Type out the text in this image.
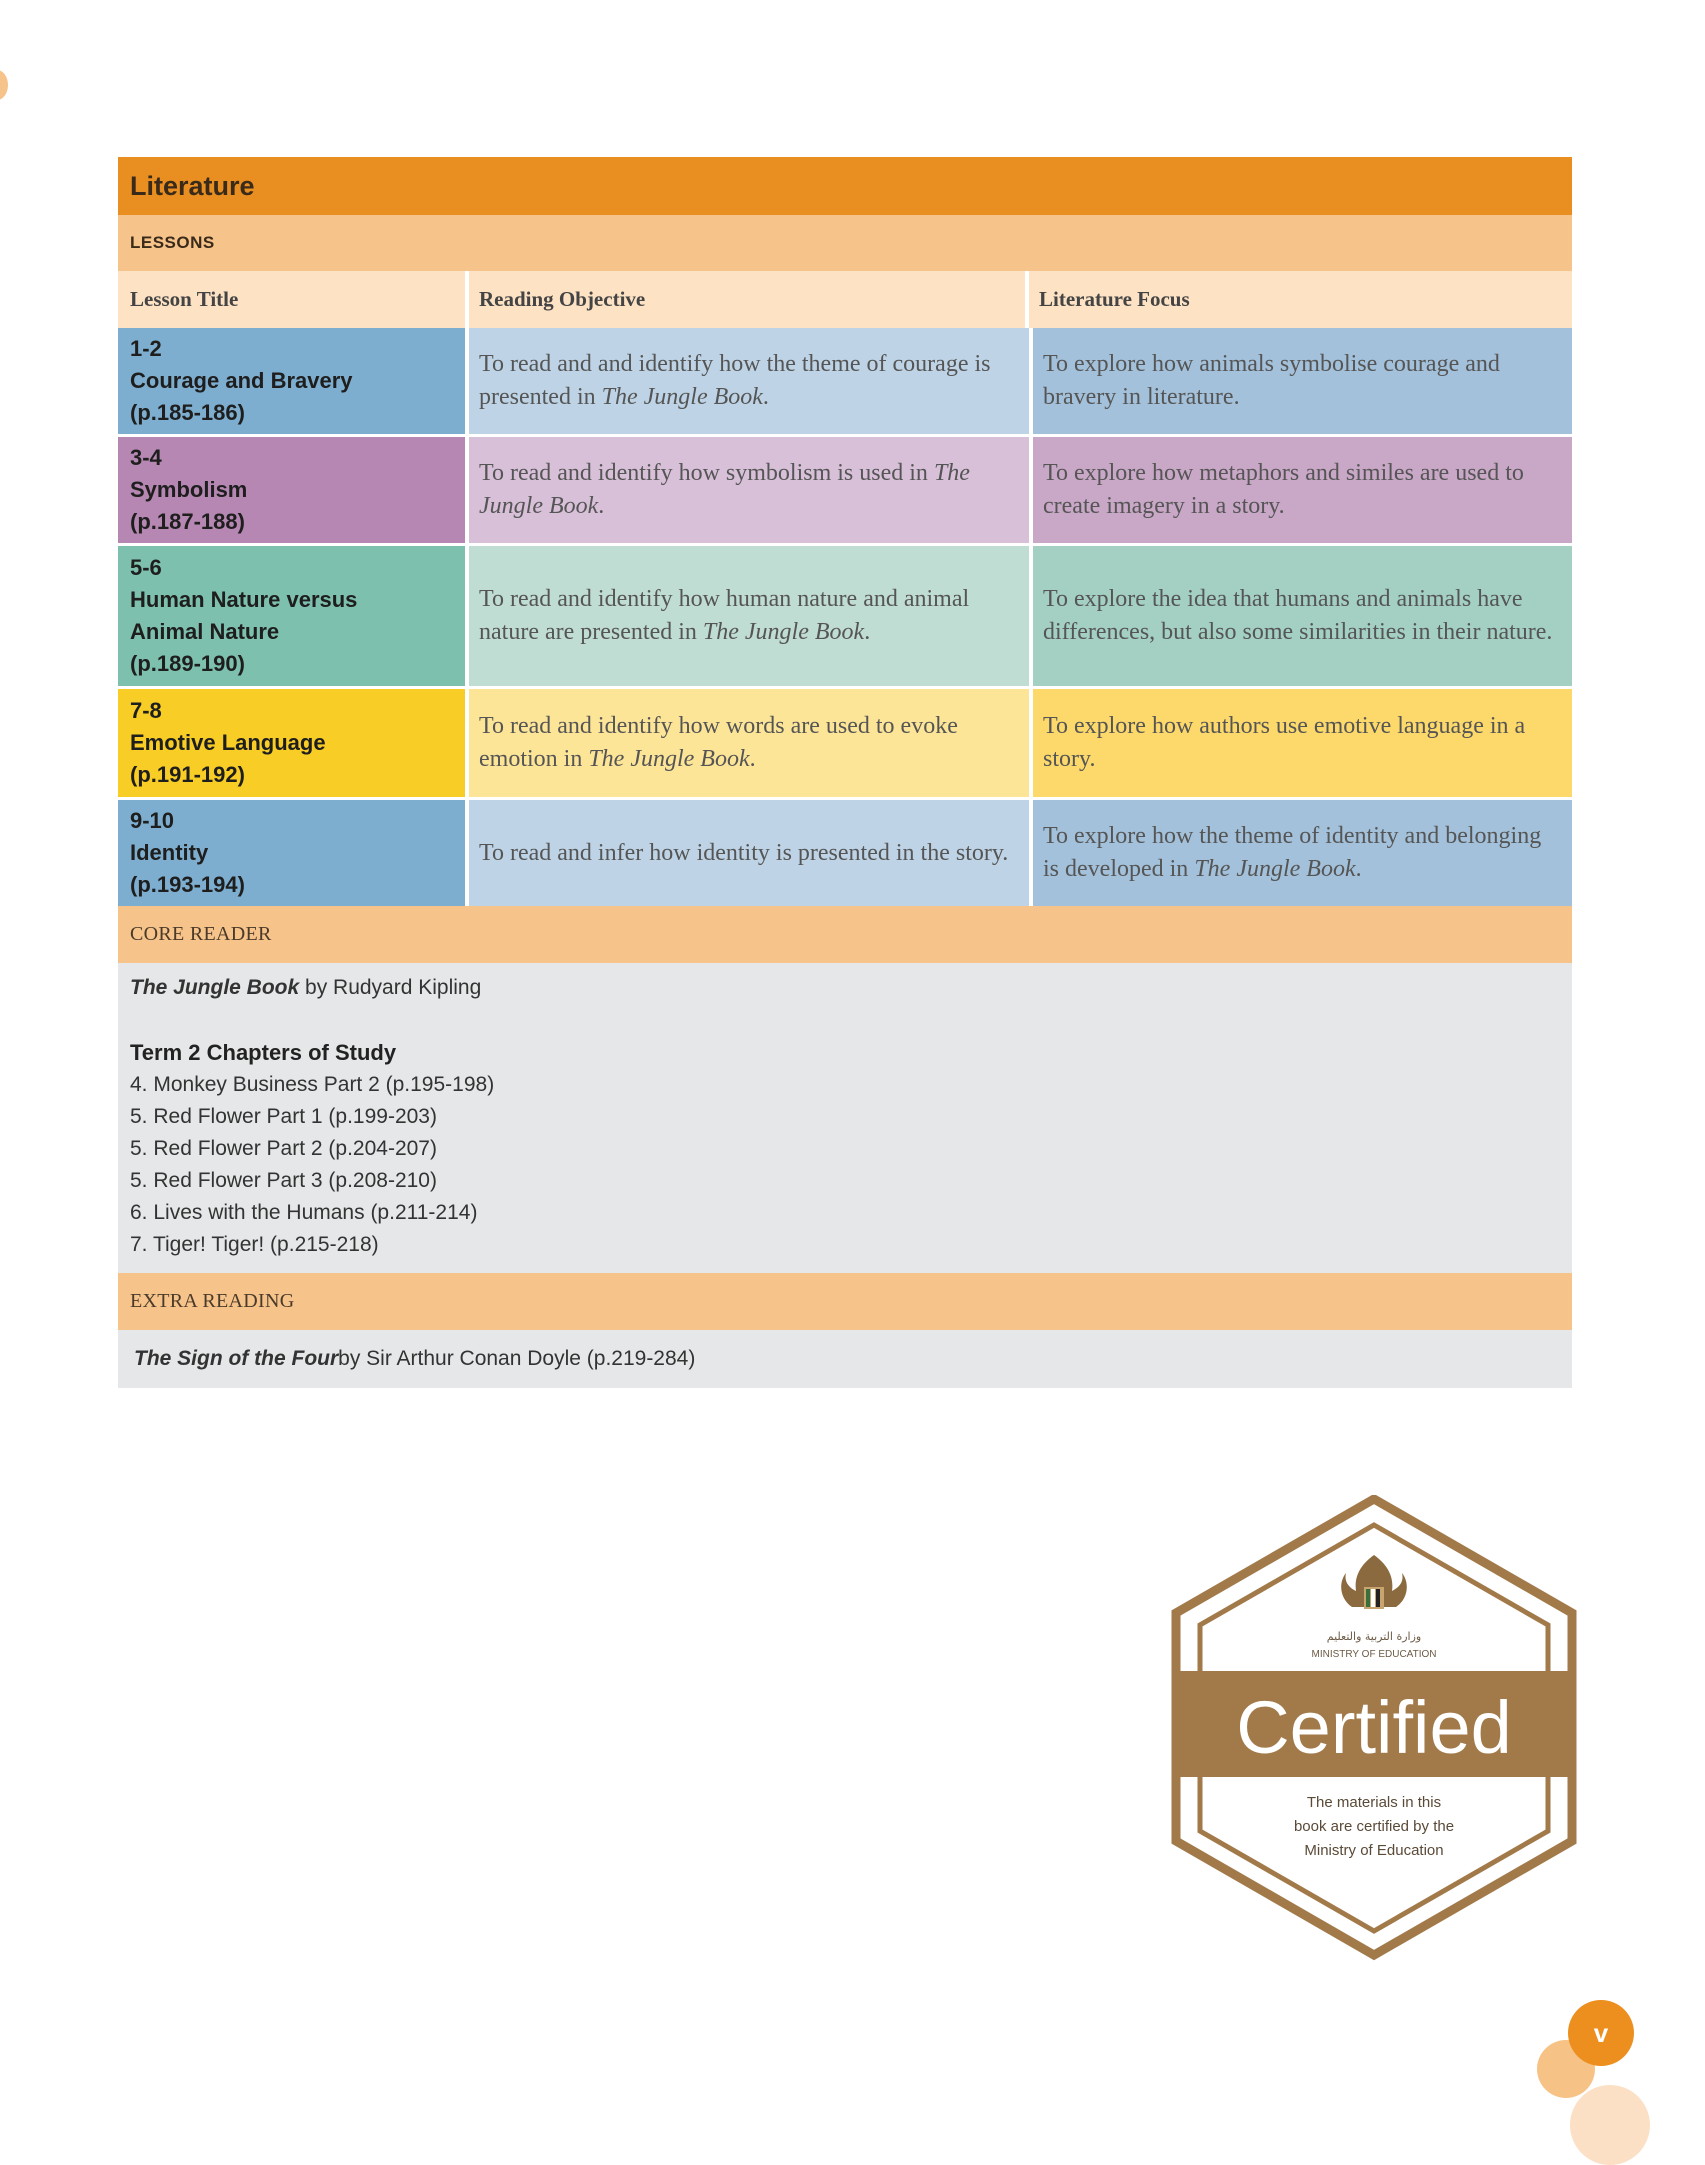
Literature
LESSONS
Lesson Title	Reading Objective	Literature Focus
1-2
Courage and Bravery
(p.185-186)
To read and and identify how the theme of courage is presented in The Jungle Book.
To explore how animals symbolise courage and bravery in literature.
3-4
Symbolism
(p.187-188)
To read and identify how symbolism is used in The Jungle Book.
To explore how metaphors and similes are used to create imagery in a story.
5-6
Human Nature versus Animal Nature
(p.189-190)
To read and identify how human nature and animal nature are presented in The Jungle Book.
To explore the idea that humans and animals have differences, but also some similarities in their nature.
7-8
Emotive Language
(p.191-192)
To read and identify how words are used to evoke emotion in The Jungle Book.
To explore how authors use emotive language in a story.
9-10
Identity
(p.193-194)
To read and infer how identity is presented in the story.
To explore how the theme of identity and belonging is developed in The Jungle Book.
CORE READER
The Jungle Book by Rudyard Kipling
Term 2 Chapters of Study
4. Monkey Business Part 2 (p.195-198)
5. Red Flower Part 1 (p.199-203)
5. Red Flower Part 2 (p.204-207)
5. Red Flower Part 3 (p.208-210)
6. Lives with the Humans (p.211-214)
7. Tiger! Tiger! (p.215-218)
EXTRA READING
The Sign of the Four by Sir Arthur Conan Doyle (p.219-284)
وزارة التربية والتعليم
MINISTRY OF EDUCATION
Certified
The materials in this
book are certified by the
Ministry of Education
v
